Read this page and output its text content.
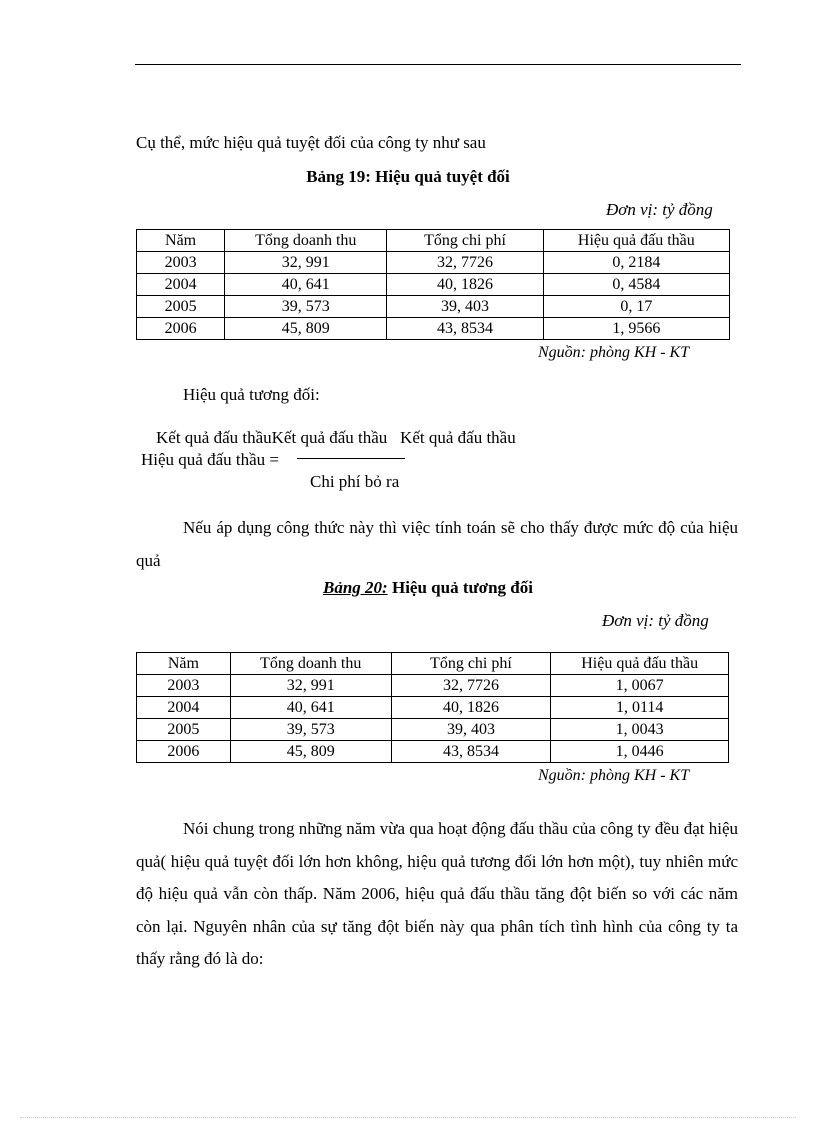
Cụ thể, mức hiệu quả tuyệt đối của công ty như sau
Bảng 19: Hiệu quả tuyệt đối
Đơn vị: tỷ đồng
Năm	Tổng doanh thu	Tổng chi phí	Hiệu quả đấu thầu
2003	32, 991	32, 7726	0, 2184
2004	40, 641	40, 1826	0, 4584
2005	39, 573	39, 403	0, 17
2006	45, 809	43, 8534	1, 9566
Nguồn: phòng KH - KT
Hiệu quả tương đối:
Kết quả đấu thầuKết quả đấu thầu   Kết quả đấu thầu
Hiệu quả đấu thầu =
Chi phí bỏ ra
Nếu áp dụng công thức này thì việc tính toán sẽ cho thấy được mức độ của hiệu quả
Bảng 20: Hiệu quả tương đối
Đơn vị: tỷ đồng
Năm	Tổng doanh thu	Tổng chi phí	Hiệu quả đấu thầu
2003	32, 991	32, 7726	1, 0067
2004	40, 641	40, 1826	1, 0114
2005	39, 573	39, 403	1, 0043
2006	45, 809	43, 8534	1, 0446
Nguồn: phòng KH - KT
Nói chung trong những năm vừa qua hoạt động đấu thầu của công ty đều đạt hiệu quả( hiệu quả tuyệt đối lớn hơn không, hiệu quả tương đối lớn hơn một), tuy nhiên mức độ hiệu quả vẫn còn thấp. Năm 2006, hiệu quả đấu thầu tăng đột biến so với các năm còn lại. Nguyên nhân của sự tăng đột biến này qua phân tích tình hình của công ty ta thấy rằng đó là do:
